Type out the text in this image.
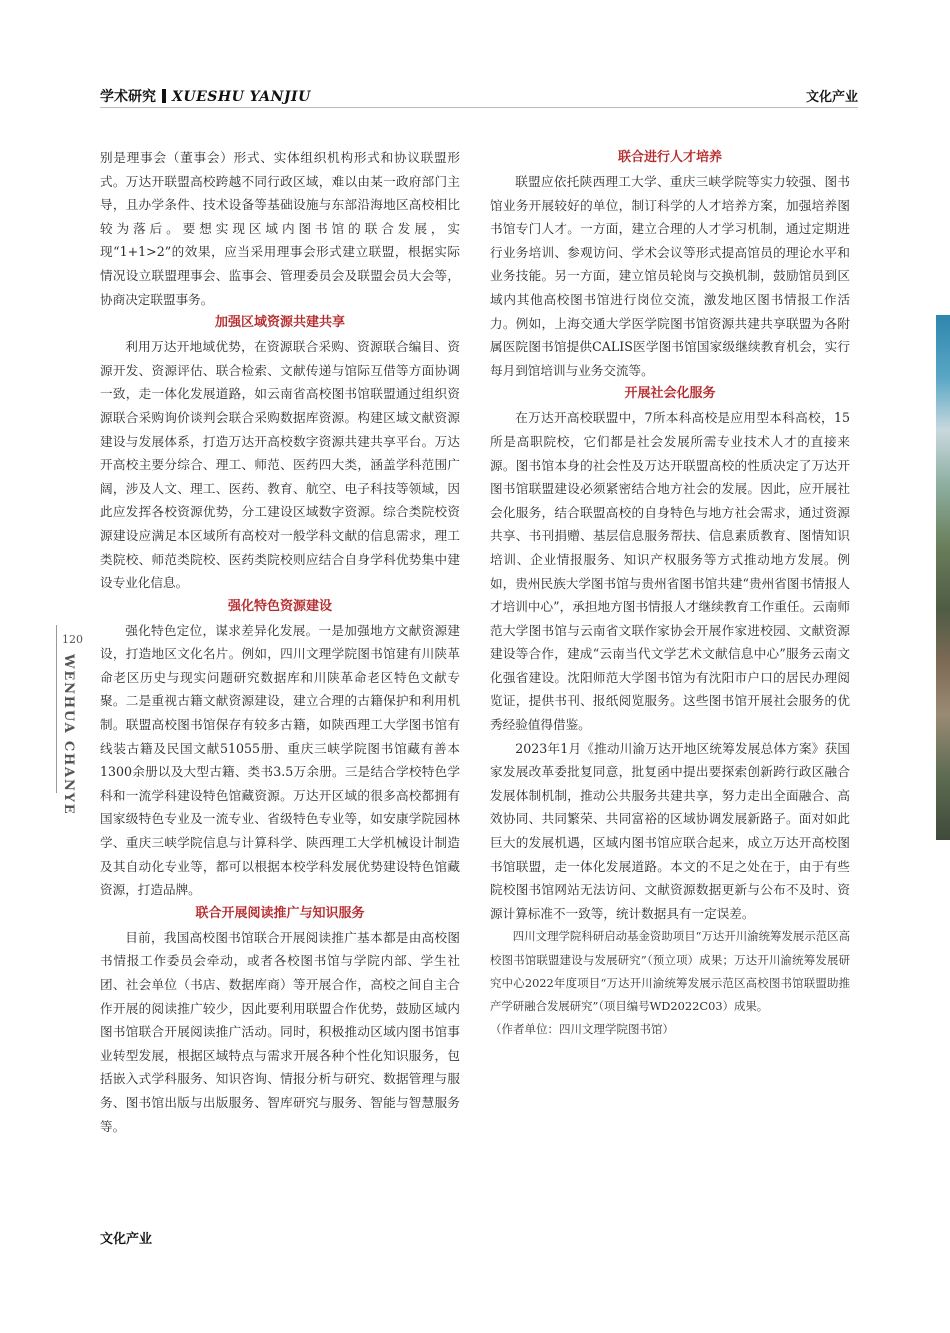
学术研究 XUESHU YANJIU	文化产业
120
WENHUA CHANYE

别是理事会（董事会）形式、实体组织机构形式和协议联盟形式。万达开联盟高校跨越不同行政区域，难以由某一政府部门主导，且办学条件、技术设备等基础设施与东部沿海地区高校相比较为落后。要想实现区域内图书馆的联合发展，实现“1+1>2”的效果，应当采用理事会形式建立联盟，根据实际情况设立联盟理事会、监事会、管理委员会及联盟会员大会等，协商决定联盟事务。

加强区域资源共建共享

利用万达开地域优势，在资源联合采购、资源联合编目、资源开发、资源评估、联合检索、文献传递与馆际互借等方面协调一致，走一体化发展道路，如云南省高校图书馆联盟通过组织资源联合采购询价谈判会联合采购数据库资源。构建区域文献资源建设与发展体系，打造万达开高校数字资源共建共享平台。万达开高校主要分综合、理工、师范、医药四大类，涵盖学科范围广阔，涉及人文、理工、医药、教育、航空、电子科技等领域，因此应发挥各校资源优势，分工建设区域数字资源。综合类院校资源建设应满足本区域所有高校对一般学科文献的信息需求，理工类院校、师范类院校、医药类院校则应结合自身学科优势集中建设专业化信息。

强化特色资源建设

强化特色定位，谋求差异化发展。一是加强地方文献资源建设，打造地区文化名片。例如，四川文理学院图书馆建有川陕革命老区历史与现实问题研究数据库和川陕革命老区特色文献专聚。二是重视古籍文献资源建设，建立合理的古籍保护和利用机制。联盟高校图书馆保存有较多古籍，如陕西理工大学图书馆有线装古籍及民国文献51055册、重庆三峡学院图书馆藏有善本1300余册以及大型古籍、类书3.5万余册。三是结合学校特色学科和一流学科建设特色馆藏资源。万达开区域的很多高校都拥有国家级特色专业及一流专业、省级特色专业等，如安康学院园林学、重庆三峡学院信息与计算科学、陕西理工大学机械设计制造及其自动化专业等，都可以根据本校学科发展优势建设特色馆藏资源，打造品牌。

联合开展阅读推广与知识服务

目前，我国高校图书馆联合开展阅读推广基本都是由高校图书情报工作委员会牵动，或者各校图书馆与学院内部、学生社团、社会单位（书店、数据库商）等开展合作，高校之间自主合作开展的阅读推广较少，因此要利用联盟合作优势，鼓励区域内图书馆联合开展阅读推广活动。同时，积极推动区域内图书馆事业转型发展，根据区域特点与需求开展各种个性化知识服务，包括嵌入式学科服务、知识咨询、情报分析与研究、数据管理与服务、图书馆出版与出版服务、智库研究与服务、智能与智慧服务等。

联合进行人才培养

联盟应依托陕西理工大学、重庆三峡学院等实力较强、图书馆业务开展较好的单位，制订科学的人才培养方案，加强培养图书馆专门人才。一方面，建立合理的人才学习机制，通过定期进行业务培训、参观访问、学术会议等形式提高馆员的理论水平和业务技能。另一方面，建立馆员轮岗与交换机制，鼓励馆员到区域内其他高校图书馆进行岗位交流，激发地区图书情报工作活力。例如，上海交通大学医学院图书馆资源共建共享联盟为各附属医院图书馆提供CALIS医学图书馆国家级继续教育机会，实行每月到馆培训与业务交流等。

开展社会化服务

在万达开高校联盟中，7所本科高校是应用型本科高校，15所是高职院校，它们都是社会发展所需专业技术人才的直接来源。图书馆本身的社会性及万达开联盟高校的性质决定了万达开图书馆联盟建设必须紧密结合地方社会的发展。因此，应开展社会化服务，结合联盟高校的自身特色与地方社会需求，通过资源共享、书刊捐赠、基层信息服务帮扶、信息素质教育、图情知识培训、企业情报服务、知识产权服务等方式推动地方发展。例如，贵州民族大学图书馆与贵州省图书馆共建“贵州省图书情报人才培训中心”，承担地方图书情报人才继续教育工作重任。云南师范大学图书馆与云南省文联作家协会开展作家进校园、文献资源建设等合作，建成“云南当代文学艺术文献信息中心”服务云南文化强省建设。沈阳师范大学图书馆为有沈阳市户口的居民办理阅览证，提供书刊、报纸阅览服务。这些图书馆开展社会服务的优秀经验值得借鉴。

2023年1月《推动川渝万达开地区统筹发展总体方案》获国家发展改革委批复同意，批复函中提出要探索创新跨行政区融合发展体制机制，推动公共服务共建共享，努力走出全面融合、高效协同、共同繁荣、共同富裕的区域协调发展新路子。面对如此巨大的发展机遇，区域内图书馆应联合起来，成立万达开高校图书馆联盟，走一体化发展道路。本文的不足之处在于，由于有些院校图书馆网站无法访问、文献资源数据更新与公布不及时、资源计算标准不一致等，统计数据具有一定误差。

四川文理学院科研启动基金资助项目“万达开川渝统筹发展示范区高校图书馆联盟建设与发展研究”（预立项）成果；万达开川渝统筹发展研究中心2022年度项目“万达开川渝统筹发展示范区高校图书馆联盟助推产学研融合发展研究”（项目编号WD2022C03）成果。

（作者单位：四川文理学院图书馆）

文化产业
